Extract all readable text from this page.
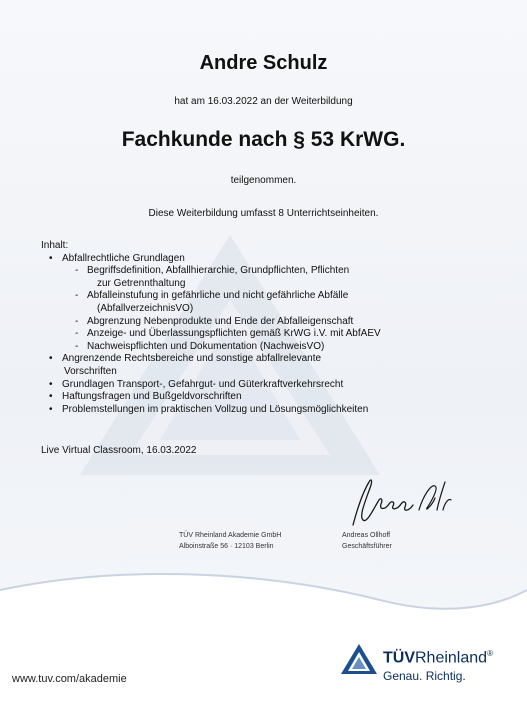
Andre Schulz
hat am 16.03.2022 an der Weiterbildung
Fachkunde nach § 53 KrWG.
teilgenommen.
Diese Weiterbildung umfasst 8 Unterrichtseinheiten.
Inhalt:
• Abfallrechtliche Grundlagen
- Begriffsdefinition, Abfallhierarchie, Grundpflichten, Pflichten
zur Getrennthaltung
- Abfalleinstufung in gefährliche und nicht gefährliche Abfälle
(AbfallverzeichnisVO)
- Abgrenzung Nebenprodukte und Ende der Abfalleigenschaft
- Anzeige- und Überlassungspflichten gemäß KrWG i.V. mit AbfAEV
- Nachweispflichten und Dokumentation (NachweisVO)
• Angrenzende Rechtsbereiche und sonstige abfallrelevante
Vorschriften
• Grundlagen Transport-, Gefahrgut- und Güterkraftverkehrsrecht
• Haftungsfragen und Bußgeldvorschriften
• Problemstellungen im praktischen Vollzug und Lösungsmöglichkeiten
Live Virtual Classroom, 16.03.2022
TÜV Rheinland Akademie GmbH
Alboinstraße 56 · 12103 Berlin
Andreas Ollhoff
Geschäftsführer
www.tuv.com/akademie
TÜVRheinland®
Genau. Richtig.
